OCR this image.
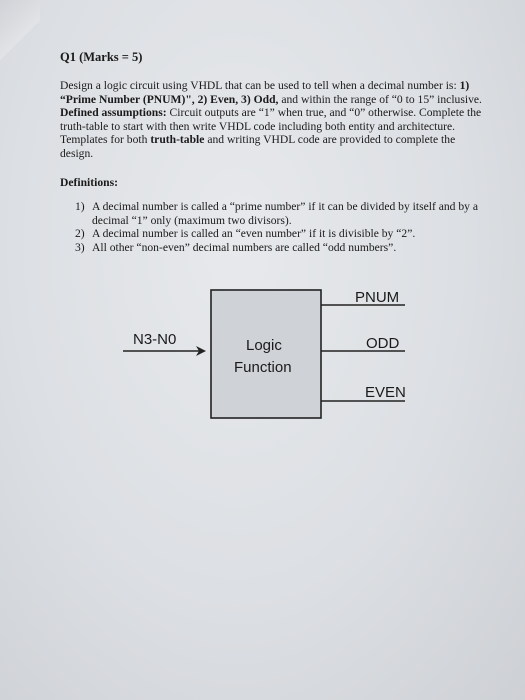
Q1 (Marks = 5)
Design a logic circuit using VHDL that can be used to tell when a decimal number is: 1) “Prime Number (PNUM)", 2) Even, 3) Odd, and within the range of “0 to 15” inclusive. Defined assumptions: Circuit outputs are “1” when true, and “0” otherwise. Complete the truth-table to start with then write VHDL code including both entity and architecture. Templates for both truth-table and writing VHDL code are provided to complete the design.
Definitions:
1) A decimal number is called a “prime number” if it can be divided by itself and by a decimal “1” only (maximum two divisors).
2) A decimal number is called an “even number” if it is divisible by “2”.
3) All other “non-even” decimal numbers are called “odd numbers”.
N3-N0	Logic
Function
PNUM
ODD
EVEN
